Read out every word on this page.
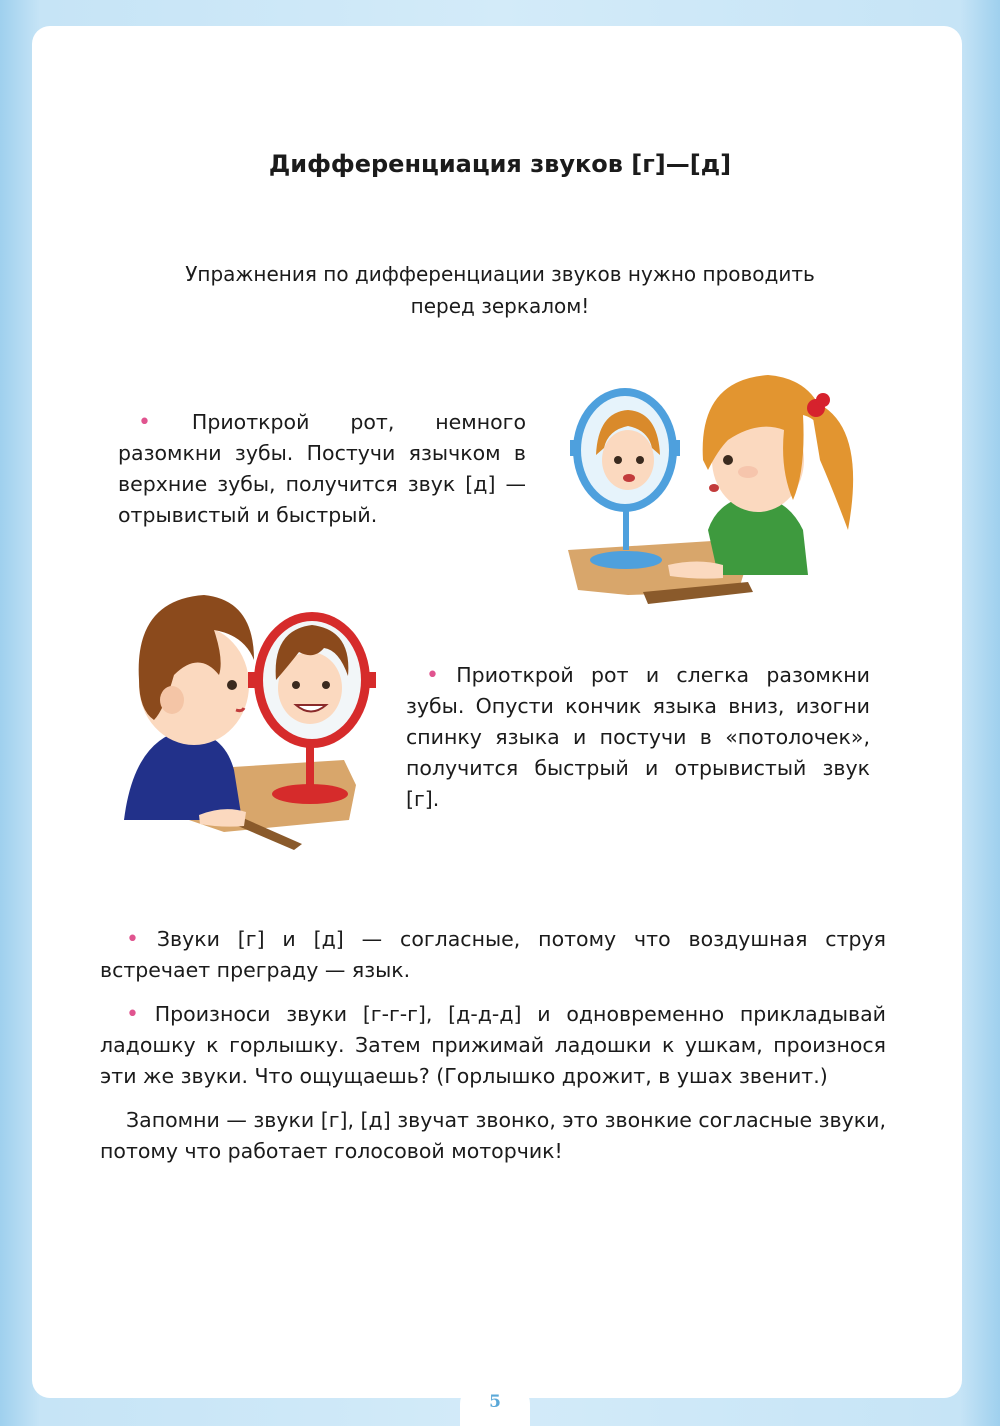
Дифференциация звуков [г]—[д]
Упражнения по дифференциации звуков нужно проводить
перед зеркалом!

• Приоткрой рот, немного разомкни зубы. Постучи язычком в верхние зубы, получится звук [д] — отрывистый и быстрый.

• Приоткрой рот и слегка разомкни зубы. Опусти кончик языка вниз, изогни спинку языка и постучи в «потолочек», получится быстрый и отрывистый звук [г].

• Звуки [г] и [д] — согласные, потому что воздушная струя встречает преграду — язык.

• Произноси звуки [г-г-г], [д-д-д] и одновременно прикладывай ладошку к горлышку. Затем прижимай ладошки к ушкам, произнося эти же звуки. Что ощущаешь? (Горлышко дрожит, в ушах звенит.)

Запомни — звуки [г], [д] звучат звонко, это звонкие согласные звуки, потому что работает голосовой моторчик!

5
